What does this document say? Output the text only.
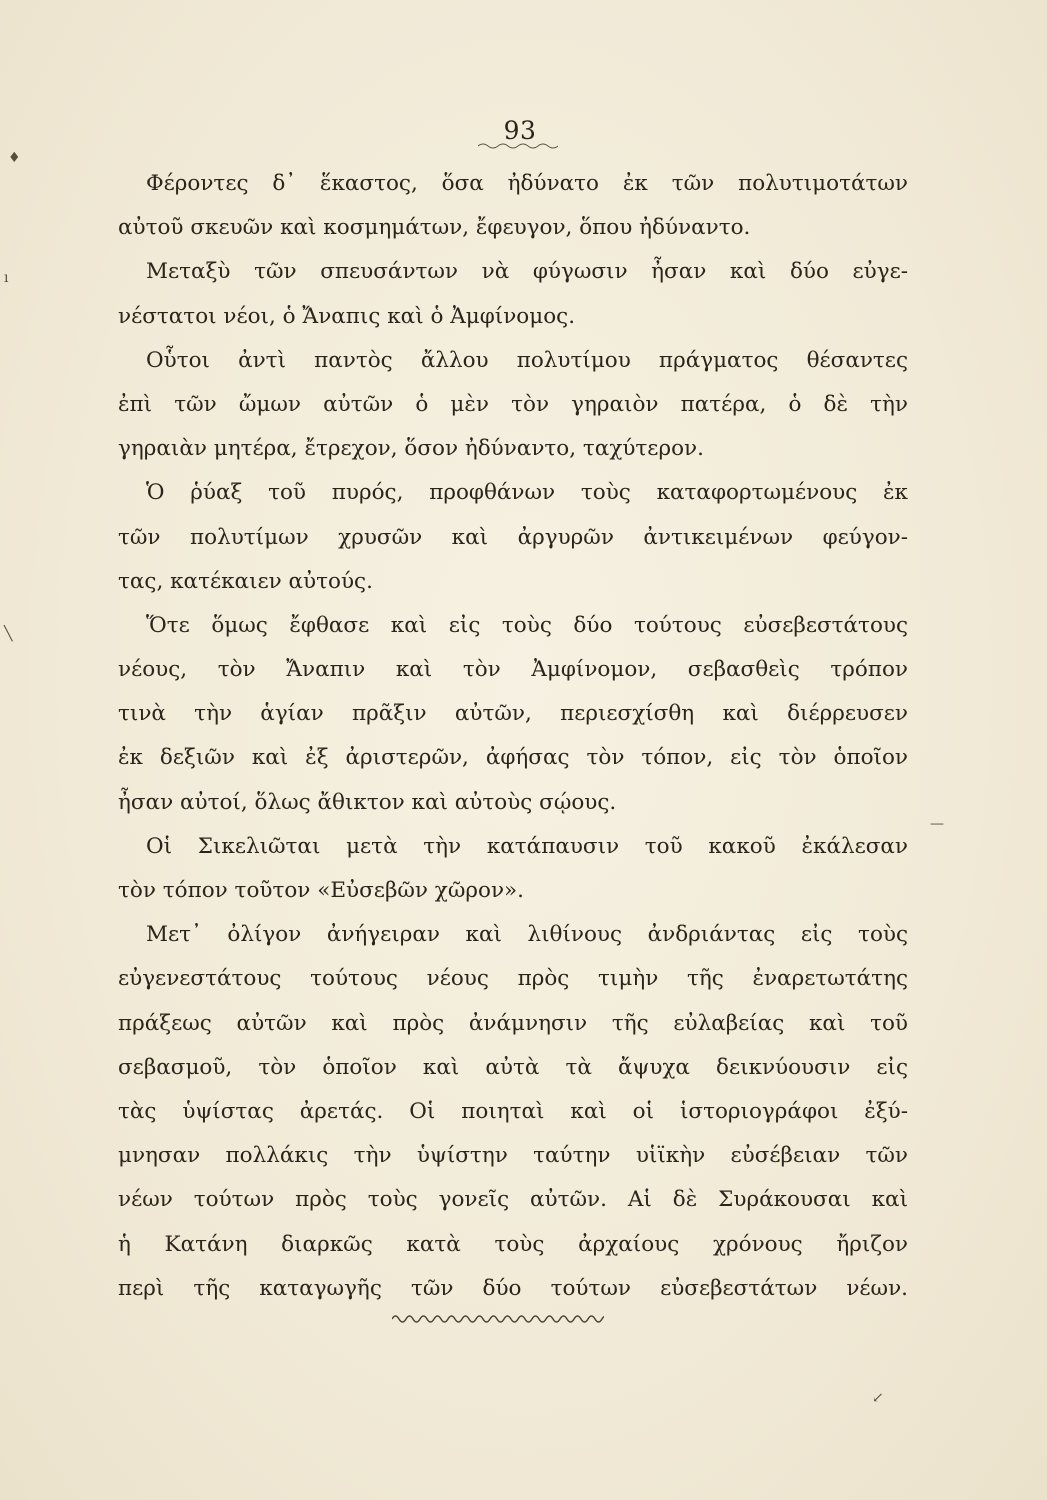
93
♦
╲
ı
—
Φέροντες δ᾽ ἕκαστος, ὅσα ἠδύνατο ἐκ τῶν πολυτιμοτάτων
αὐτοῦ σκευῶν καὶ κοσμημάτων, ἔφευγον, ὅπου ἠδύναντο.
Μεταξὺ τῶν σπευσάντων νὰ φύγωσιν ἦσαν καὶ δύο εὐγε-
νέστατοι νέοι, ὁ Ἄναπις καὶ ὁ Ἀμφίνομος.
Οὗτοι ἀντὶ παντὸς ἄλλου πολυτίμου πράγματος θέσαντες
ἐπὶ τῶν ὤμων αὐτῶν ὁ μὲν τὸν γηραιὸν πατέρα, ὁ δὲ τὴν
γηραιὰν μητέρα, ἔτρεχον, ὅσον ἠδύναντο, ταχύτερον.
Ὁ ῥύαξ τοῦ πυρός, προφθάνων τοὺς καταφορτωμένους ἐκ
τῶν πολυτίμων χρυσῶν καὶ ἀργυρῶν ἀντικειμένων φεύγον-
τας, κατέκαιεν αὐτούς.
Ὅτε ὅμως ἔφθασε καὶ εἰς τοὺς δύο τούτους εὐσεβεστάτους
νέους, τὸν Ἄναπιν καὶ τὸν Ἀμφίνομον, σεβασθεὶς τρόπον
τινὰ τὴν ἁγίαν πρᾶξιν αὐτῶν, περιεσχίσθη καὶ διέρρευσεν
ἐκ δεξιῶν καὶ ἐξ ἀριστερῶν, ἀφήσας τὸν τόπον, εἰς τὸν ὁποῖον
ἦσαν αὐτοί, ὅλως ἄθικτον καὶ αὐτοὺς σῴους.
Οἱ Σικελιῶται μετὰ τὴν κατάπαυσιν τοῦ κακοῦ ἐκάλεσαν
τὸν τόπον τοῦτον «Εὐσεβῶν χῶρον».
Μετ᾽ ὀλίγον ἀνήγειραν καὶ λιθίνους ἀνδριάντας εἰς τοὺς
εὐγενεστάτους τούτους νέους πρὸς τιμὴν τῆς ἐναρετωτάτης
πράξεως αὐτῶν καὶ πρὸς ἀνάμνησιν τῆς εὐλαβείας καὶ τοῦ
σεβασμοῦ, τὸν ὁποῖον καὶ αὐτὰ τὰ ἄψυχα δεικνύουσιν εἰς
τὰς ὑψίστας ἀρετάς. Οἱ ποιηταὶ καὶ οἱ ἱστοριογράφοι ἐξύ-
μνησαν πολλάκις τὴν ὑψίστην ταύτην υἱϊκὴν εὐσέβειαν τῶν
νέων τούτων πρὸς τοὺς γονεῖς αὐτῶν. Αἱ δὲ Συράκουσαι καὶ
ἡ Κατάνη διαρκῶς κατὰ τοὺς ἀρχαίους χρόνους ἤριζον
περὶ τῆς καταγωγῆς τῶν δύο τούτων εὐσεβεστάτων νέων.
↙
